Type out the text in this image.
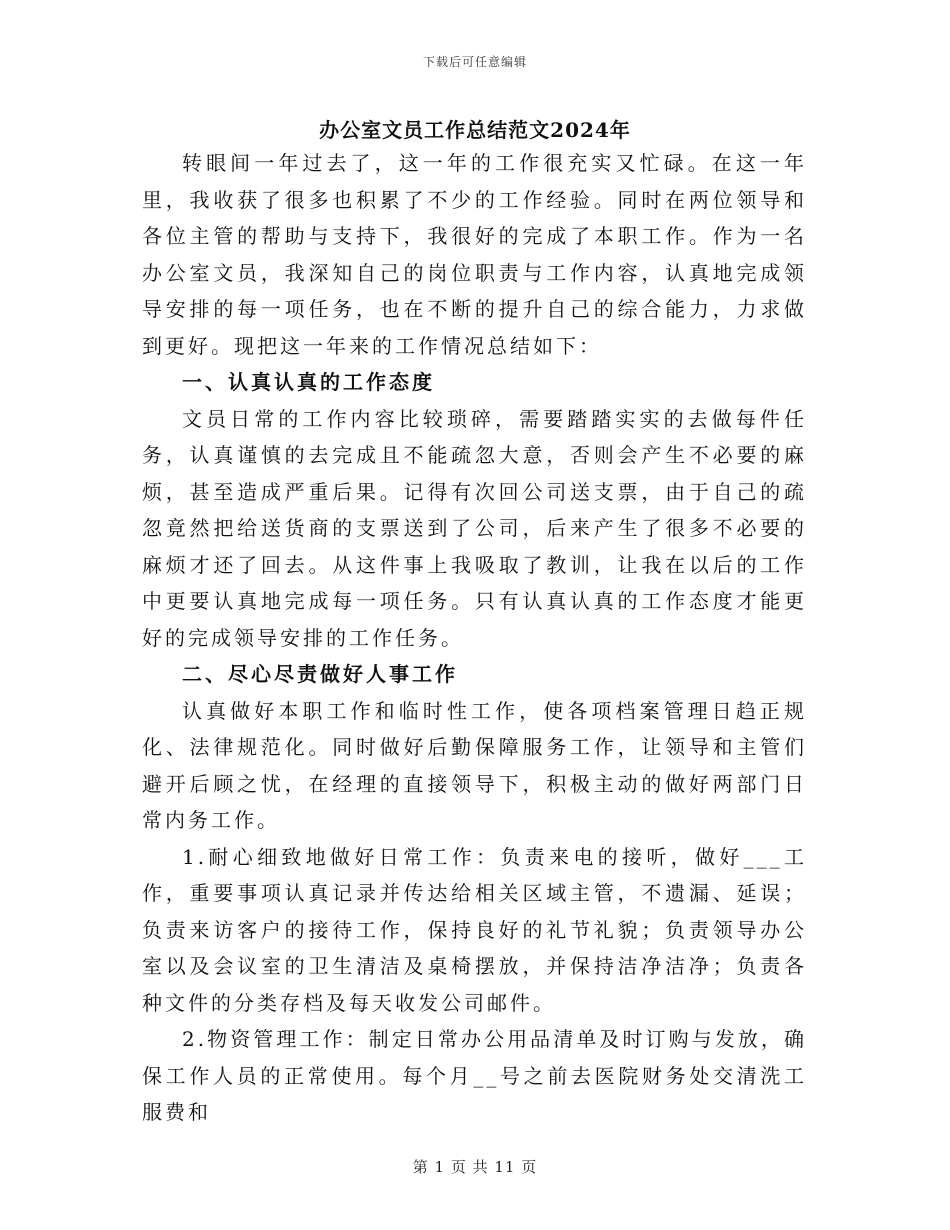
下载后可任意编辑
办公室文员工作总结范文2024年

转眼间一年过去了，这一年的工作很充实又忙碌。在这一年里，我收获了很多也积累了不少的工作经验。同时在两位领导和各位主管的帮助与支持下，我很好的完成了本职工作。作为一名办公室文员，我深知自己的岗位职责与工作内容，认真地完成领导安排的每一项任务，也在不断的提升自己的综合能力，力求做到更好。现把这一年来的工作情况总结如下：

一、认真认真的工作态度

文员日常的工作内容比较琐碎，需要踏踏实实的去做每件任务，认真谨慎的去完成且不能疏忽大意，否则会产生不必要的麻烦，甚至造成严重后果。记得有次回公司送支票，由于自己的疏忽竟然把给送货商的支票送到了公司，后来产生了很多不必要的麻烦才还了回去。从这件事上我吸取了教训，让我在以后的工作中更要认真地完成每一项任务。只有认真认真的工作态度才能更好的完成领导安排的工作任务。

二、尽心尽责做好人事工作

认真做好本职工作和临时性工作，使各项档案管理日趋正规化、法律规范化。同时做好后勤保障服务工作，让领导和主管们避开后顾之忧，在经理的直接领导下，积极主动的做好两部门日常内务工作。

1.耐心细致地做好日常工作：负责来电的接听，做好___工作，重要事项认真记录并传达给相关区域主管，不遗漏、延误；负责来访客户的接待工作，保持良好的礼节礼貌；负责领导办公室以及会议室的卫生清洁及桌椅摆放，并保持洁净洁净；负责各种文件的分类存档及每天收发公司邮件。

2.物资管理工作：制定日常办公用品清单及时订购与发放，确保工作人员的正常使用。每个月__号之前去医院财务处交清洗工服费和

第 1 页 共 11 页
